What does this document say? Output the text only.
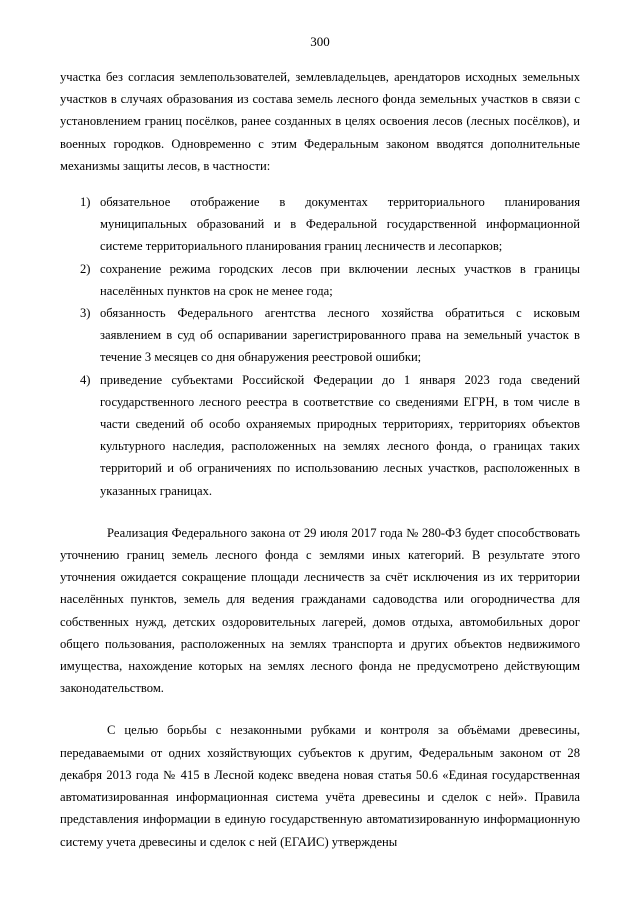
300

участка без согласия землепользователей, землевладельцев, арендаторов исходных земельных участков в случаях образования из состава земель лесного фонда земельных участков в связи с установлением границ посёлков, ранее созданных в целях освоения лесов (лесных посёлков), и военных городков. Одновременно с этим Федеральным законом вводятся дополнительные механизмы защиты лесов, в частности:

1) обязательное отображение в документах территориального планирования муниципальных образований и в Федеральной государственной информационной системе территориального планирования границ лесничеств и лесопарков;
2) сохранение режима городских лесов при включении лесных участков в границы населённых пунктов на срок не менее года;
3) обязанность Федерального агентства лесного хозяйства обратиться с исковым заявлением в суд об оспаривании зарегистрированного права на земельный участок в течение 3 месяцев со дня обнаружения реестровой ошибки;
4) приведение субъектами Российской Федерации до 1 января 2023 года сведений государственного лесного реестра в соответствие со сведениями ЕГРН, в том числе в части сведений об особо охраняемых природных территориях, территориях объектов культурного наследия, расположенных на землях лесного фонда, о границах таких территорий и об ограничениях по использованию лесных участков, расположенных в указанных границах.

Реализация Федерального закона от 29 июля 2017 года № 280-ФЗ будет способствовать уточнению границ земель лесного фонда с землями иных категорий. В результате этого уточнения ожидается сокращение площади лесничеств за счёт исключения из их территории населённых пунктов, земель для ведения гражданами садоводства или огородничества для собственных нужд, детских оздоровительных лагерей, домов отдыха, автомобильных дорог общего пользования, расположенных на землях транспорта и других объектов недвижимого имущества, нахождение которых на землях лесного фонда не предусмотрено действующим законодательством.

С целью борьбы с незаконными рубками и контроля за объёмами древесины, передаваемыми от одних хозяйствующих субъектов к другим, Федеральным законом от 28 декабря 2013 года № 415 в Лесной кодекс введена новая статья 50.6 «Единая государственная автоматизированная информационная система учёта древесины и сделок с ней». Правила представления информации в единую государственную автоматизированную информационную систему учета древесины и сделок с ней (ЕГАИС) утверждены
